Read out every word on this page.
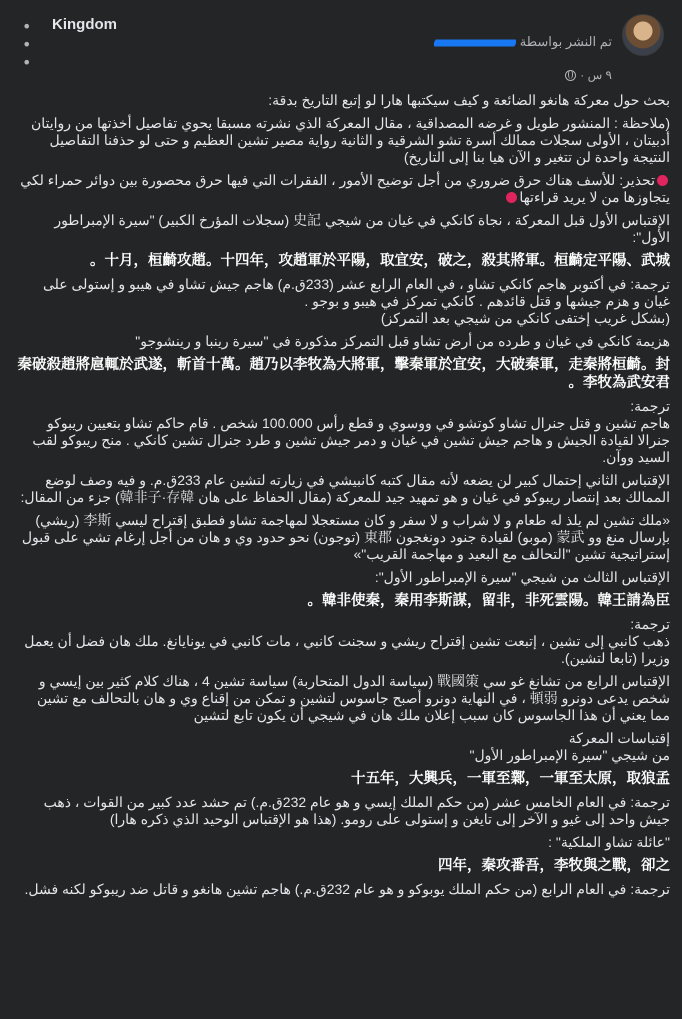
• • •
Kingdom
تم النشر بواسطة
٩ س ·
بحث حول معركة هانغو الضائعة و كيف سيكتبها هارا لو إتبع التاريخ بدقة:
(ملاحظة : المنشور طويل و غرضه المصداقية ، مقال المعركة الذي نشرته مسبقا يحوي تفاصيل أخذتها من روايتان أدبيتان ، الأولى سجلات ممالك أسرة تشو الشرقية و الثانية رواية مصير تشين العظيم و حتى لو حذفنا التفاصيل النتيجة واحدة لن تتغير و الآن هيا بنا إلى التاريخ)
تحذير: للأسف هناك حرق ضروري من أجل توضيح الأمور ، الفقرات التي فيها حرق محصورة بين دوائر حمراء لكي يتجاوزها من لا يريد قراءتها
الإقتباس الأول قبل المعركة ، نجاة كانكي في غيان من شيجي 史記 (سجلات المؤرخ الكبير) "سيرة الإمبراطور الأول":
十月，桓齮攻趙。十四年，攻趙軍於平陽，取宜安，破之，殺其將軍。桓齮定平陽、武城。
ترجمة: في أكتوبر هاجم كانكي تشاو ، في العام الرابع عشر (233ق.م) هاجم جيش تشاو في هيبو و إستولى على غيان و هزم جيشها و قتل قائدهم . كانكي تمركز في هيبو و بوجو .
(بشكل غريب إختفى كانكي من شيجي بعد التمركز)
هزيمة كانكي في غيان و طرده من أرض تشاو قبل التمركز مذكورة في "سيرة رينبا و رينشوجو"
秦破殺趙將扈輒於武遂，斬首十萬。趙乃以李牧為大將軍，擊秦軍於宜安，大破秦軍，走秦將桓齮。封李牧為武安君。
ترجمة:
هاجم تشين و قتل جنرال تشاو كوتشو في ووسوي و قطع رأس 100.000 شخص . قام حاكم تشاو بتعيين ريبوكو جنرالا لقيادة الجيش و هاجم جيش تشين في غيان و دمر جيش تشين و طرد جنرال تشين كانكي . منح ريبوكو لقب السيد ووآن.
الإقتباس الثاني إحتمال كبير لن يضعه لأنه مقال كتبه كانبيشي في زيارته لتشين عام 233ق.م. و فيه وصف لوضع الممالك بعد إنتصار ريبوكو في غيان و هو تمهيد جيد للمعركة (مقال الحفاظ على هان 韓非子·存韓) جزء من المقال:
«ملك تشين لم يلذ له طعام و لا شراب و لا سفر و كان مستعجلا لمهاجمة تشاو فطبق إقتراح ليسي 李斯 (ريشي) بإرسال منغ وو 蒙武 (موبو) لقيادة جنود دونغجون 東郡 (توجون) نحو حدود وي و هان من أجل إرغام تشي على قبول إستراتيجية تشين "التحالف مع البعيد و مهاجمة القريب"»
الإقتباس الثالث من شيجي "سيرة الإمبراطور الأول":
韓非使秦，秦用李斯謀，留非，非死雲陽。韓王請為臣。
ترجمة:
ذهب كانبي إلى تشين ، إتبعت تشين إقتراح ريشي و سجنت كانبي ، مات كانبي في يونايانغ. ملك هان فضل أن يعمل وزيرا (تابعا لتشين).
الإقتباس الرابع من تشانغ غو سي 戰國策 (سياسة الدول المتحاربة) سياسة تشين 4 ، هناك كلام كثير بين إيسي و شخص يدعى دونرو 頓弱 ، في النهاية دونرو أصبح جاسوس لتشين و تمكن من إقناع وي و هان بالتحالف مع تشين مما يعني أن هذا الجاسوس كان سبب إعلان ملك هان في شيجي أن يكون تابع لتشين
إقتباسات المعركة
من شيجي "سيرة الإمبراطور الأول"
十五年，大興兵，一軍至鄴，一軍至太原，取狼孟
ترجمة: في العام الخامس عشر (من حكم الملك إيسي و هو عام 232ق.م.) تم حشد عدد كبير من القوات ، ذهب جيش واحد إلى غيو و الآخر إلى تايغن و إستولى على رومو. (هذا هو الإقتباس الوحيد الذي ذكره هارا)
"عائلة تشاو الملكية" :
四年，秦攻番吾，李牧與之戰，卻之
ترجمة: في العام الرابع (من حكم الملك يوبوكو و هو عام 232ق.م.) هاجم تشين هانغو و قاتل ضد ريبوكو لكنه فشل.
